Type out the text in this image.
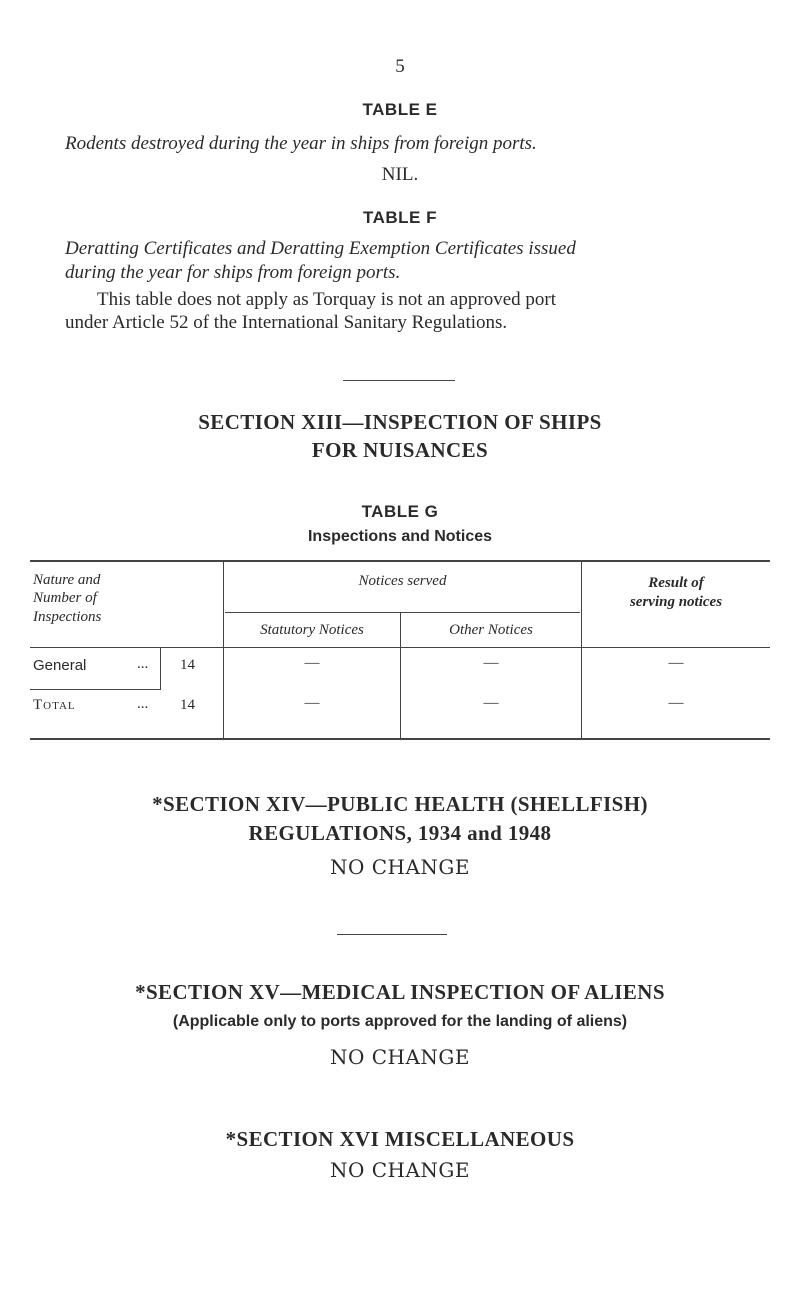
5
TABLE E
Rodents destroyed during the year in ships from foreign ports.
NIL.
TABLE F
Deratting Certificates and Deratting Exemption Certificates issued
during the year for ships from foreign ports.
This table does not apply as Torquay is not an approved port
under Article 52 of the International Sanitary Regulations.
SECTION XIII—INSPECTION OF SHIPS
FOR NUISANCES
TABLE G
Inspections and Notices
Nature and
Number of
Inspections
Notices served
Statutory Notices	Other Notices
Result of
serving notices
General	... 14	—	—	—
Total	... 14	—	—	—
*SECTION XIV—PUBLIC HEALTH (SHELLFISH)
REGULATIONS, 1934 and 1948
NO CHANGE
*SECTION XV—MEDICAL INSPECTION OF ALIENS
(Applicable only to ports approved for the landing of aliens)
NO CHANGE
*SECTION XVI MISCELLANEOUS
NO CHANGE
